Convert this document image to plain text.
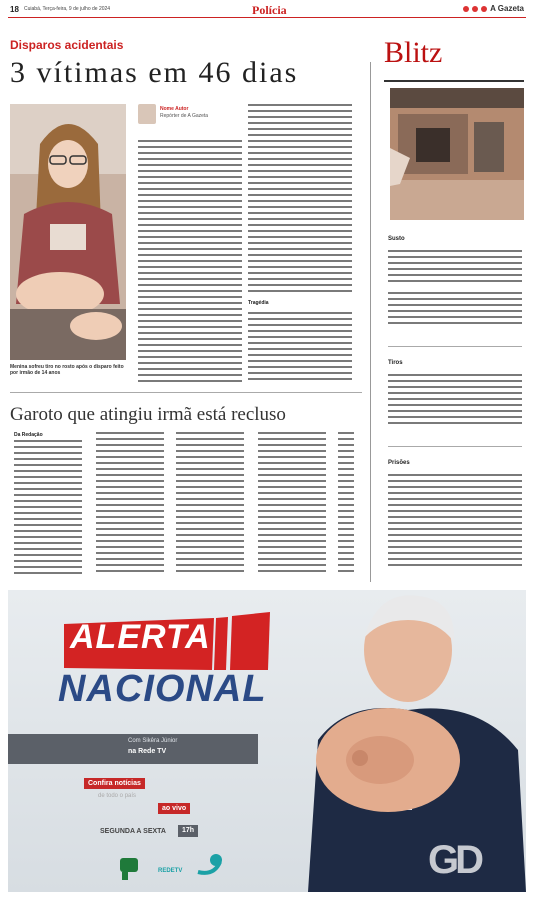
18 Cuiabá, Terça-feira, 9 de julho de 2024	Polícia	A Gazeta
Disparos acidentais
3 vítimas em 46 dias
Menina sofreu tiro no rosto após o disparo feito por irmão de 14 anos
Nome Autor
Repórter de A Gazeta
Tragédia
Garoto que atingiu irmã está recluso
Da Redação
Blitz
Susto
Tiros
Prisões
ALERTA
NACIONAL
Com Sikêra Júnior
na Rede TV
Confira notícias
de todo o país
ao vivo
SEGUNDA A SEXTA	17h
REDETV	GD
